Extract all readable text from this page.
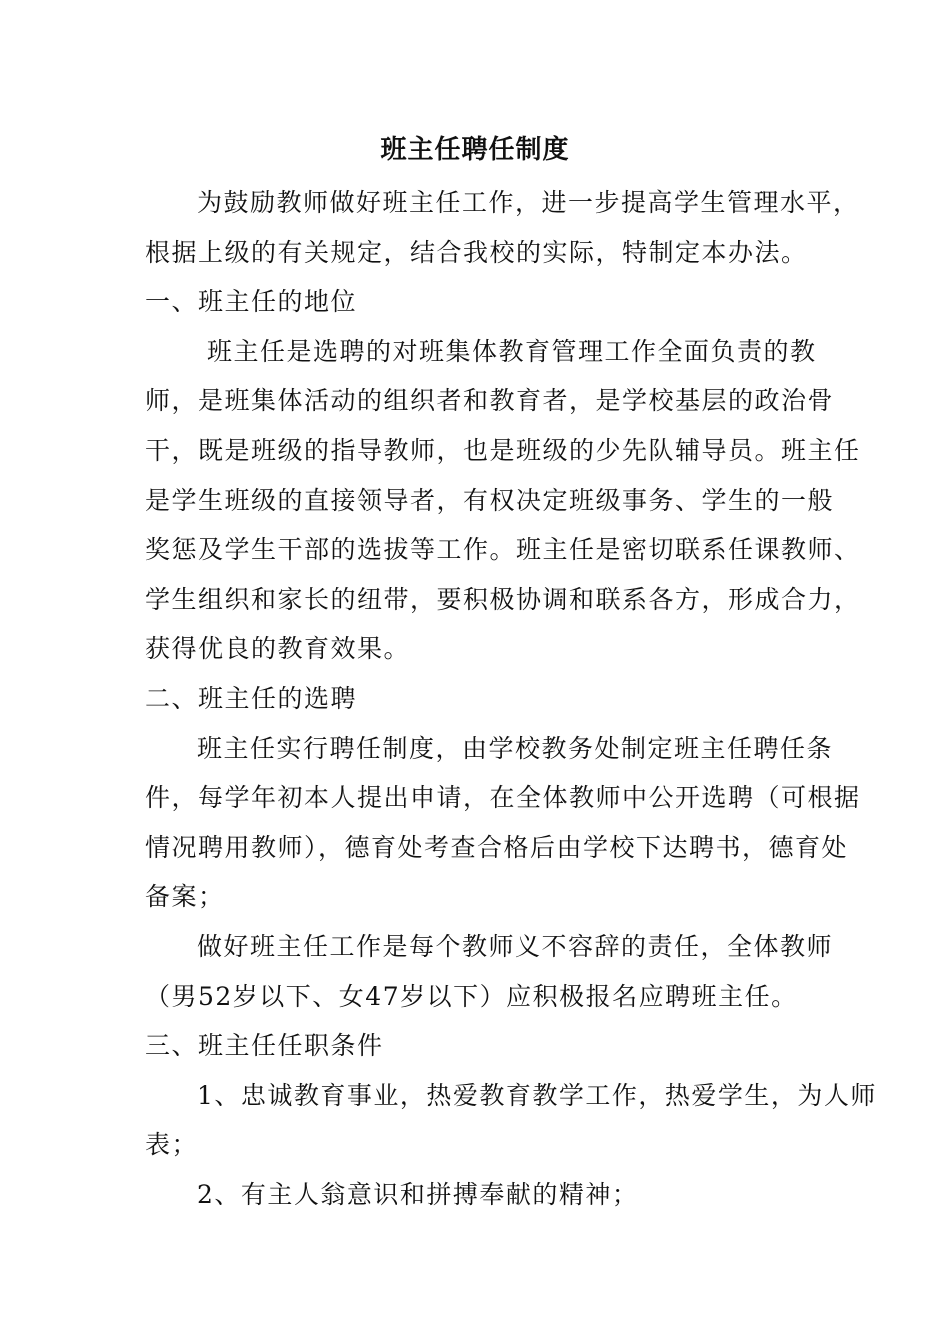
班主任聘任制度
为鼓励教师做好班主任工作，进一步提高学生管理水平，
根据上级的有关规定，结合我校的实际，特制定本办法。
一、班主任的地位
班主任是选聘的对班集体教育管理工作全面负责的教
师，是班集体活动的组织者和教育者，是学校基层的政治骨
干，既是班级的指导教师，也是班级的少先队辅导员。班主任
是学生班级的直接领导者，有权决定班级事务、学生的一般
奖惩及学生干部的选拔等工作。班主任是密切联系任课教师、
学生组织和家长的纽带，要积极协调和联系各方，形成合力，
获得优良的教育效果。
二、班主任的选聘
班主任实行聘任制度，由学校教务处制定班主任聘任条
件，每学年初本人提出申请，在全体教师中公开选聘（可根据
情况聘用教师），德育处考查合格后由学校下达聘书，德育处
备案；
做好班主任工作是每个教师义不容辞的责任，全体教师
（男52岁以下、女47岁以下）应积极报名应聘班主任。
三、班主任任职条件
1、忠诚教育事业，热爱教育教学工作，热爱学生，为人师
表；
2、有主人翁意识和拼搏奉献的精神；
